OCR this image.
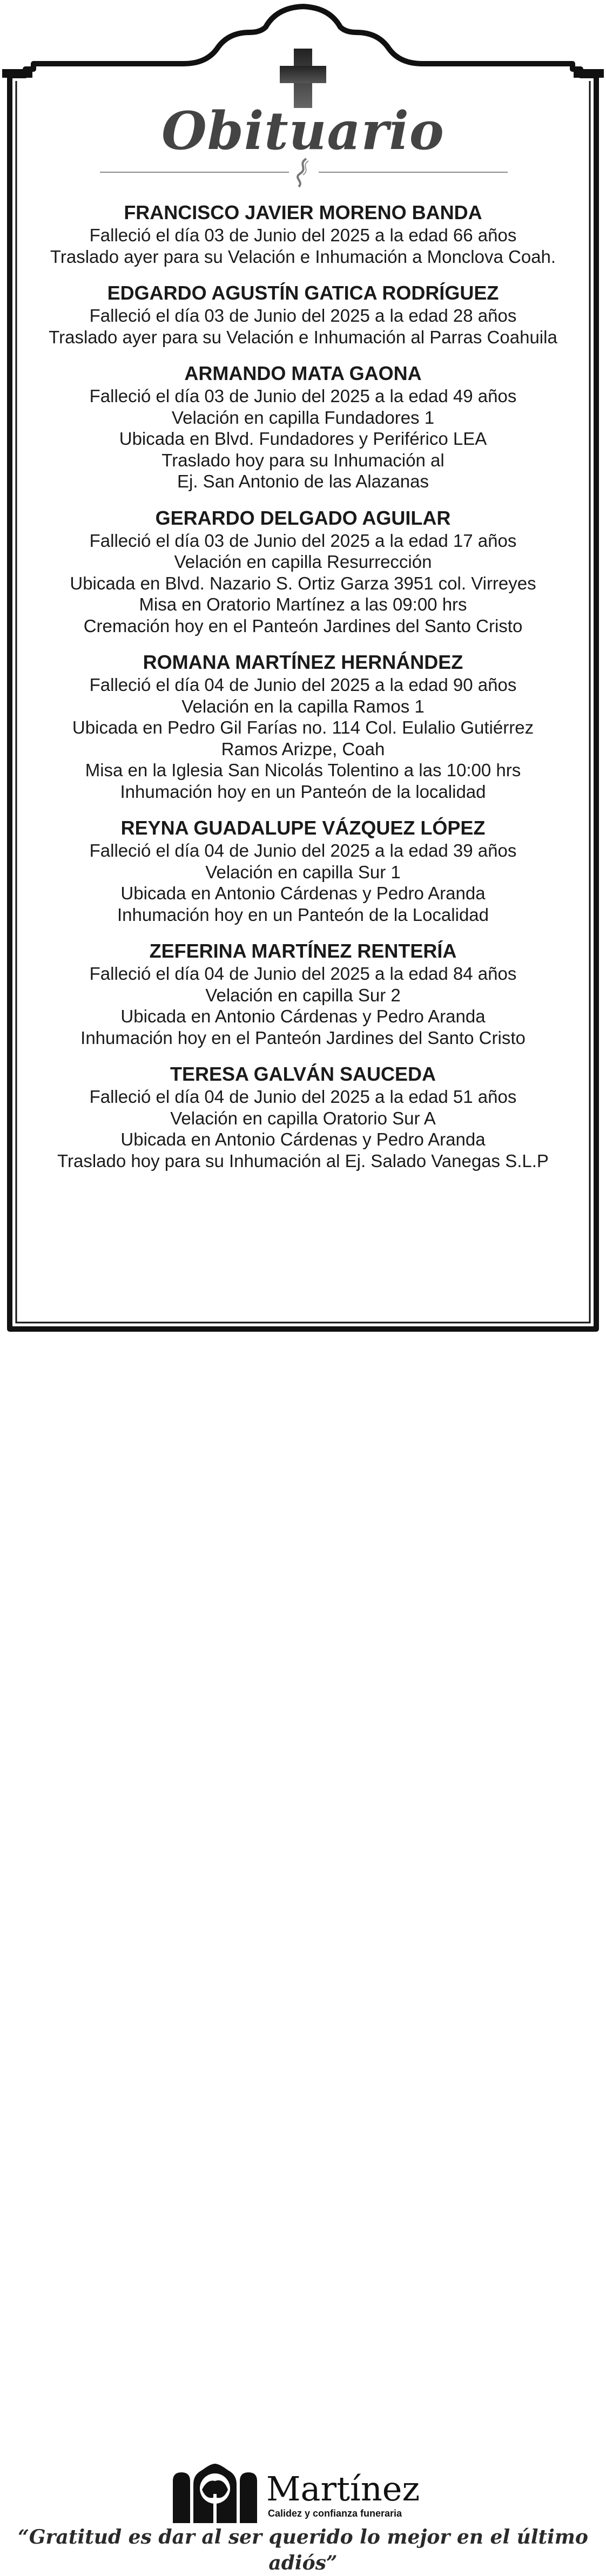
Obituario
FRANCISCO JAVIER MORENO BANDA
Falleció el día 03 de Junio del 2025 a la edad 66 años
Traslado ayer para su Velación e Inhumación a Monclova Coah.
EDGARDO AGUSTÍN GATICA RODRÍGUEZ
Falleció el día 03 de Junio del 2025 a la edad 28 años
Traslado ayer para su Velación e Inhumación al Parras Coahuila
ARMANDO MATA GAONA
Falleció el día 03 de Junio del 2025 a la edad 49 años
Velación en capilla Fundadores 1
Ubicada en Blvd. Fundadores y Periférico LEA
Traslado hoy para su Inhumación al
Ej. San Antonio de las Alazanas
GERARDO DELGADO AGUILAR
Falleció el día 03 de Junio del 2025 a la edad 17 años
Velación en capilla Resurrección
Ubicada en Blvd. Nazario S. Ortiz Garza 3951 col. Virreyes
Misa en Oratorio Martínez a las 09:00 hrs
Cremación hoy en el Panteón Jardines del Santo Cristo
ROMANA MARTÍNEZ HERNÁNDEZ
Falleció el día 04 de Junio del 2025 a la edad 90 años
Velación en la capilla Ramos 1
Ubicada en Pedro Gil Farías no. 114 Col. Eulalio Gutiérrez
Ramos Arizpe, Coah
Misa en la Iglesia San Nicolás Tolentino a las 10:00 hrs
Inhumación hoy en un Panteón de la localidad
REYNA GUADALUPE VÁZQUEZ LÓPEZ
Falleció el día 04 de Junio del 2025 a la edad 39 años
Velación en capilla Sur 1
Ubicada en Antonio Cárdenas y Pedro Aranda
Inhumación hoy en un Panteón de la Localidad
ZEFERINA MARTÍNEZ RENTERÍA
Falleció el día 04 de Junio del 2025 a la edad 84 años
Velación en capilla Sur 2
Ubicada en Antonio Cárdenas y Pedro Aranda
Inhumación hoy en el Panteón Jardines del Santo Cristo
TERESA GALVÁN SAUCEDA
Falleció el día 04 de Junio del 2025 a la edad 51 años
Velación en capilla Oratorio Sur A
Ubicada en Antonio Cárdenas y Pedro Aranda
Traslado hoy para su Inhumación al Ej. Salado Vanegas S.L.P
Martínez
Calidez y confianza funeraria
“Gratitud es dar al ser querido lo mejor en el último adiós”
